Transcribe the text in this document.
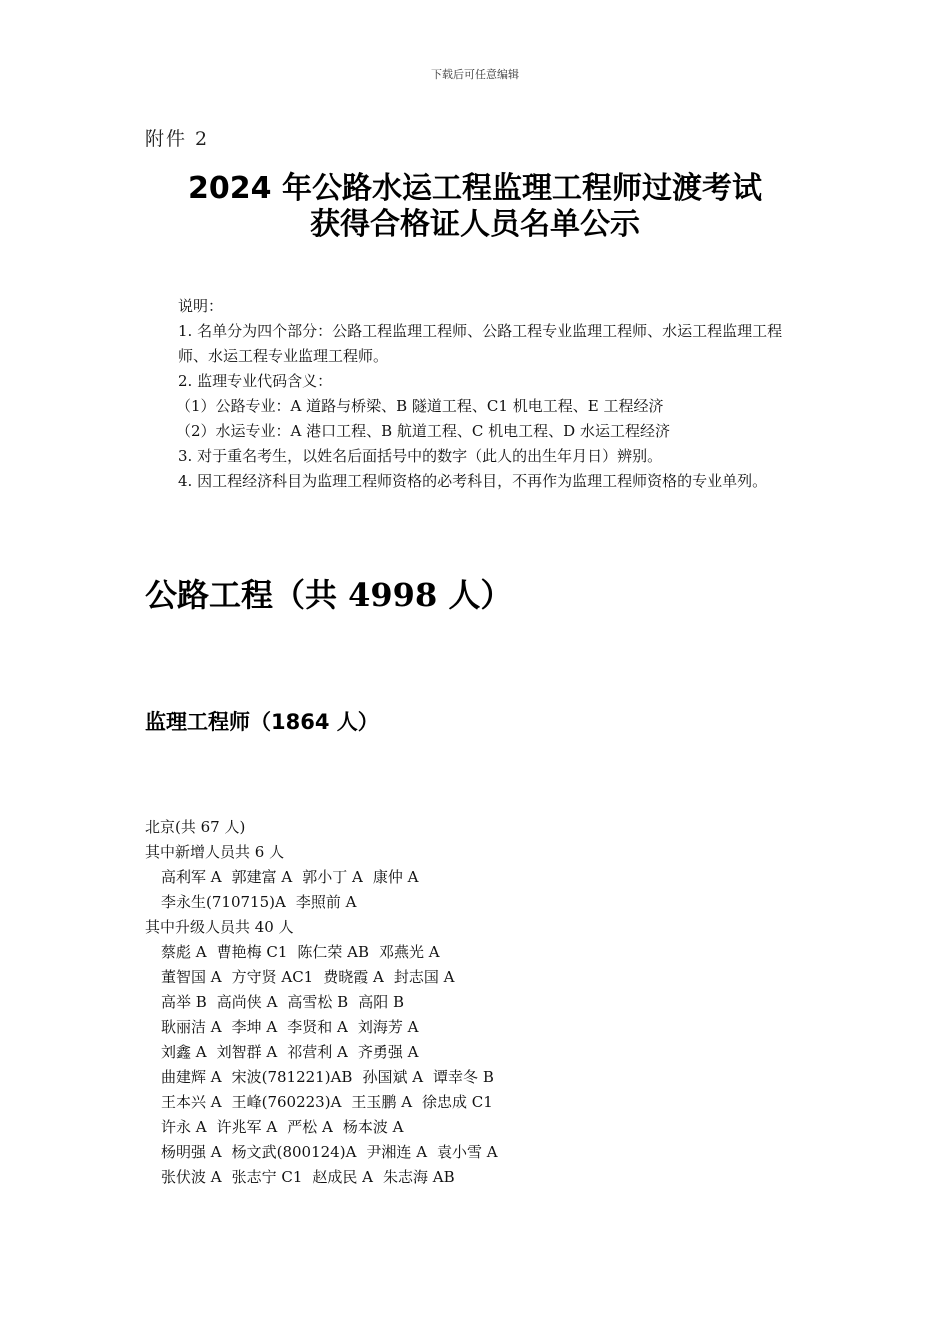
下载后可任意编辑
附件 2
2024 年公路水运工程监理工程师过渡考试
获得合格证人员名单公示

说明：

1. 名单分为四个部分：公路工程监理工程师、公路工程专业监理工程师、水运工程监理工程师、水运工程专业监理工程师。

2. 监理专业代码含义：

（1）公路专业：A 道路与桥梁、B 隧道工程、C1 机电工程、E 工程经济

（2）水运专业：A 港口工程、B 航道工程、C 机电工程、D 水运工程经济

3. 对于重名考生，以姓名后面括号中的数字（此人的出生年月日）辨别。

4. 因工程经济科目为监理工程师资格的必考科目，不再作为监理工程师资格的专业单列。

公路工程（共 4998 人）
监理工程师（1864 人）

北京(共 67 人)

其中新增人员共 6 人

高利军 A 郭建富 A 郭小丁 A 康仲 A

李永生(710715)A 李照前 A

其中升级人员共 40 人

蔡彪 A 曹艳梅 C1 陈仁荣 AB 邓燕光 A

董智国 A 方守贤 AC1 费晓霞 A 封志国 A

高举 B 高尚侠 A 高雪松 B 高阳 B

耿丽洁 A 李坤 A 李贤和 A 刘海芳 A

刘鑫 A 刘智群 A 祁营利 A 齐勇强 A

曲建辉 A 宋波(781221)AB 孙国斌 A 谭幸冬 B

王本兴 A 王峰(760223)A 王玉鹏 A 徐忠成 C1

许永 A 许兆军 A 严松 A 杨本波 A

杨明强 A 杨文武(800124)A 尹湘连 A 袁小雪 A

张伏波 A 张志宁 C1 赵成民 A 朱志海 AB
